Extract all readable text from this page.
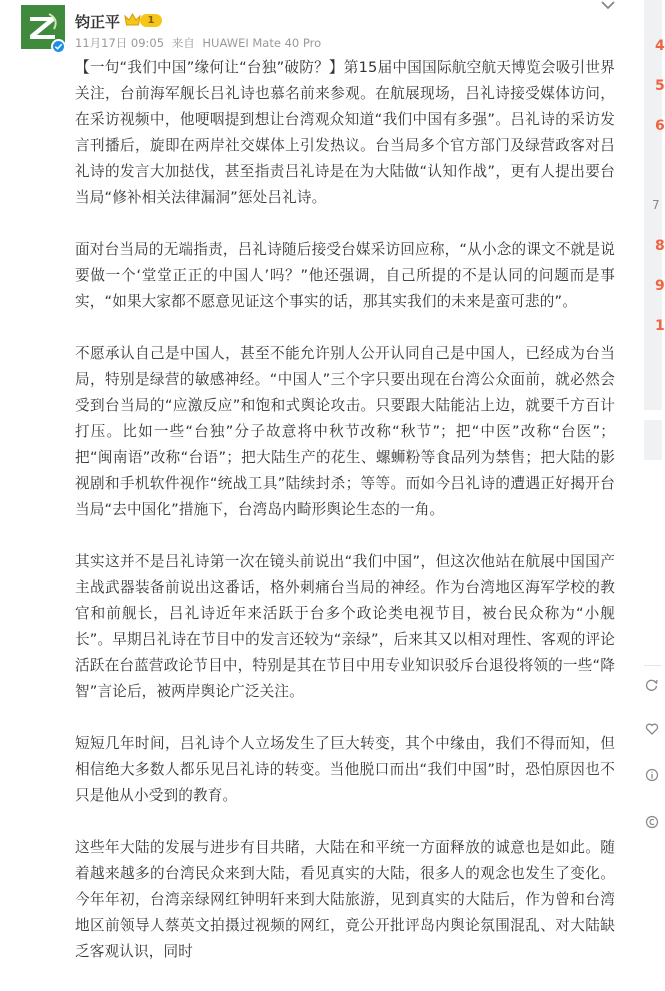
钧正平	1
11月17日 09:05 来自 HUAWEI Mate 40 Pro

【一句“我们中国”缘何让“台独”破防？】第15届中国国际航空航天博览会吸引世界关注，台前海军舰长吕礼诗也慕名前来参观。在航展现场，吕礼诗接受媒体访问，在采访视频中，他哽咽提到想让台湾观众知道“我们中国有多强”。吕礼诗的采访发言刊播后，旋即在两岸社交媒体上引发热议。台当局多个官方部门及绿营政客对吕礼诗的发言大加挞伐，甚至指责吕礼诗是在为大陆做“认知作战”，更有人提出要台当局“修补相关法律漏洞”惩处吕礼诗。

面对台当局的无端指责，吕礼诗随后接受台媒采访回应称，“从小念的课文不就是说要做一个‘堂堂正正的中国人’吗？”他还强调，自己所提的不是认同的问题而是事实，“如果大家都不愿意见证这个事实的话，那其实我们的未来是蛮可悲的”。

不愿承认自己是中国人，甚至不能允许别人公开认同自己是中国人，已经成为台当局，特别是绿营的敏感神经。“中国人”三个字只要出现在台湾公众面前，就必然会受到台当局的“应激反应”和饱和式舆论攻击。只要跟大陆能沾上边，就要千方百计打压。比如一些“台独”分子故意将中秋节改称“秋节”；把“中医”改称“台医”；把“闽南语”改称“台语”；把大陆生产的花生、螺蛳粉等食品列为禁售；把大陆的影视剧和手机软件视作“统战工具”陆续封杀；等等。而如今吕礼诗的遭遇正好揭开台当局“去中国化”措施下，台湾岛内畸形舆论生态的一角。

其实这并不是吕礼诗第一次在镜头前说出“我们中国”，但这次他站在航展中国国产主战武器装备前说出这番话，格外刺痛台当局的神经。作为台湾地区海军学校的教官和前舰长，吕礼诗近年来活跃于台多个政论类电视节目，被台民众称为“小舰长”。早期吕礼诗在节目中的发言还较为“亲绿”，后来其又以相对理性、客观的评论活跃在台蓝营政论节目中，特别是其在节目中用专业知识驳斥台退役将领的一些“降智”言论后，被两岸舆论广泛关注。

短短几年时间，吕礼诗个人立场发生了巨大转变，其个中缘由，我们不得而知，但相信绝大多数人都乐见吕礼诗的转变。当他脱口而出“我们中国”时，恐怕原因也不只是他从小受到的教育。

这些年大陆的发展与进步有目共睹，大陆在和平统一方面释放的诚意也是如此。随着越来越多的台湾民众来到大陆，看见真实的大陆，很多人的观念也发生了变化。今年年初，台湾亲绿网红钟明轩来到大陆旅游，见到真实的大陆后，作为曾和台湾地区前领导人蔡英文拍摄过视频的网红，竟公开批评岛内舆论氛围混乱、对大陆缺乏客观认识，同时

4
5
6
7
8
9
1
